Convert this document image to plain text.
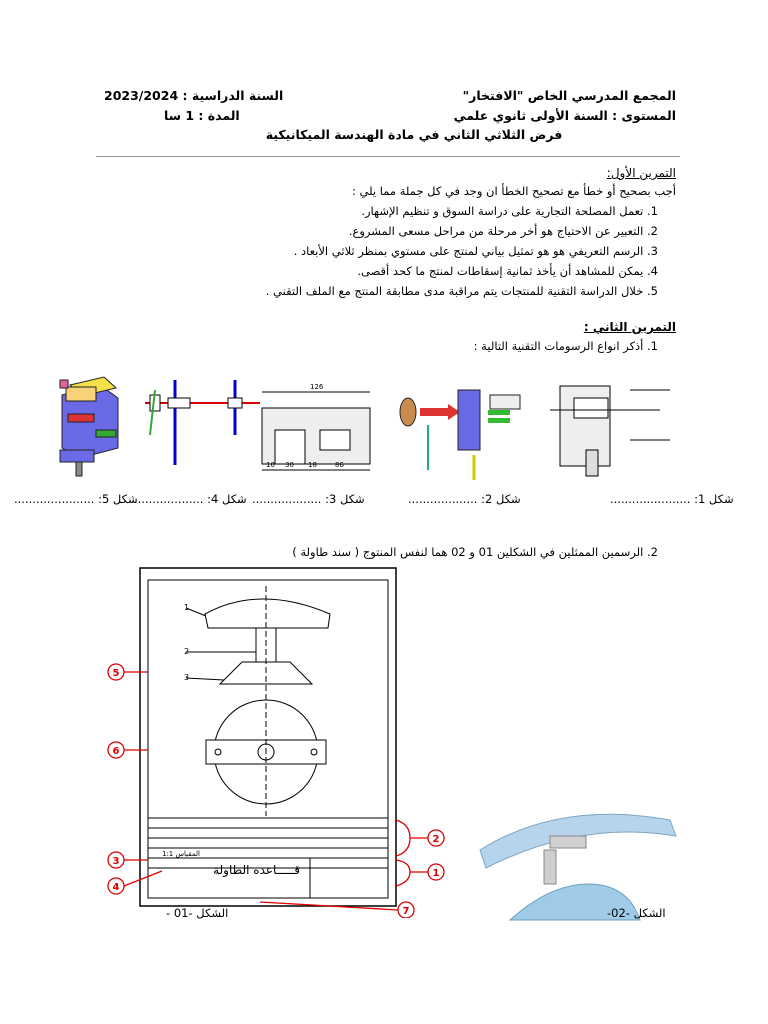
المجمع المدرسي الخاص "الافتخار"
السنة الدراسية : 2023/2024
المستوى : السنة الأولى ثانوي علمي
المدة : 1 سا
فرض الثلاثي الثاني في مادة الهندسة الميكانيكية
التمرين الأول:
أجب بصحيح أو خطأ مع تصحيح الخطأ ان وجد في كل جملة مما يلي :
1. تعمل المصلحة التجارية على دراسة السوق و تنظيم الإشهار.
2. التعبير عن الاحتياج هو أخر مرحلة من مراحل مسعى المشروع.
3. الرسم التعريفي هو هو تمثيل بياني لمنتج على مستوي بمنظر ثلاثي الأبعاد .
4. يمكن للمشاهد أن يأخذ ثمانية إسقاطات لمنتج ما كحد أقصى.
5. خلال الدراسة التقنية للمنتجات يتم مراقبة مدى مطابقة المنتج مع الملف التقني .
التمرين الثاني :
1. أذكر انواع الرسومات التقنية التالية :
126
10 30 18	86
شكل 1: ......................
شكل 2: ...................
شكل 3: ...................
شكل 4: ...................
شكل 5: ......................
2. الرسمين الممثلين في الشكلين 01 و 02 هما لنفس المنتوج ( سند طاولة )
1
2
3
المقياس 1:1
قـــــاعدة الطاولة
5
6
3
4
2
1
7
الشكل -01 -	الشكل -02-
